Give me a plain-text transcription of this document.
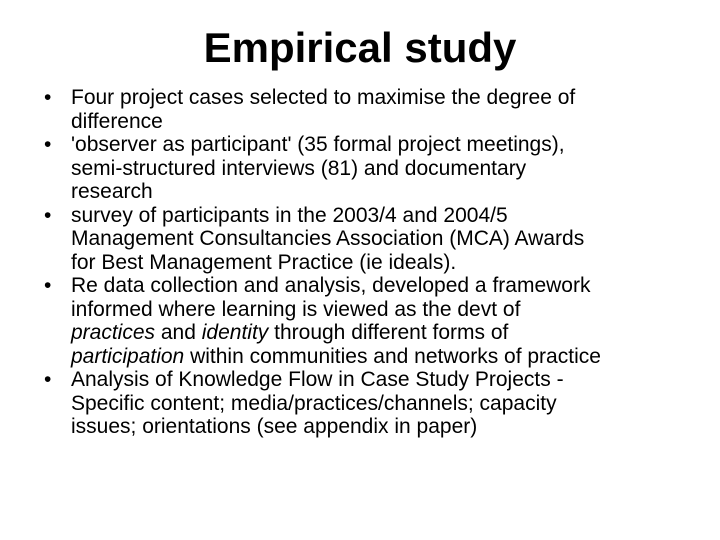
Empirical study
• Four project cases selected to maximise the degree of
difference
• 'observer as participant' (35 formal project meetings),
semi-structured interviews (81) and documentary
research
• survey of participants in the 2003/4 and 2004/5
Management Consultancies Association (MCA) Awards
for Best Management Practice (ie ideals).
• Re data collection and analysis, developed a framework
informed where learning is viewed as the devt of
practices and identity through different forms of
participation within communities and networks of practice
• Analysis of Knowledge Flow in Case Study Projects -
Specific content; media/practices/channels; capacity
issues; orientations (see appendix in paper)
